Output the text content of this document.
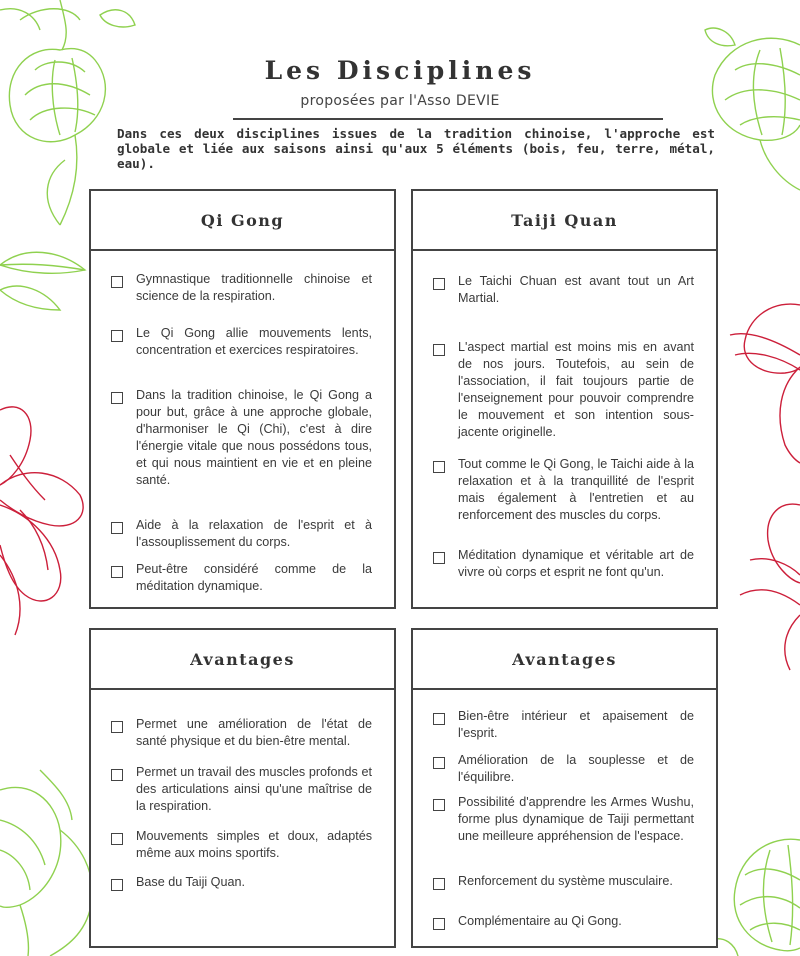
Les Disciplines
proposées par l'Asso DEVIE

Dans ces deux disciplines issues de la tradition chinoise, l'approche est globale et liée aux saisons ainsi qu'aux 5 éléments (bois, feu, terre, métal, eau).

Qi Gong
Gymnastique traditionnelle chinoise et science de la respiration.
Le Qi Gong allie mouvements lents, concentration et exercices respiratoires.
Dans la tradition chinoise, le Qi Gong a pour but, grâce à une approche globale, d'harmoniser le Qi (Chi), c'est à dire l'énergie vitale que nous possédons tous, et qui nous maintient en vie et en pleine santé.
Aide à la relaxation de l'esprit et à l'assouplissement du corps.
Peut-être considéré comme de la méditation dynamique.
Taiji Quan
Le Taichi Chuan est avant tout un Art Martial.
L'aspect martial est moins mis en avant de nos jours. Toutefois, au sein de l'association, il fait toujours partie de l'enseignement pour pouvoir comprendre le mouvement et son intention sous-jacente originelle.
Tout comme le Qi Gong, le Taichi aide à la relaxation et à la tranquillité de l'esprit mais également à l'entretien et au renforcement des muscles du corps.
Méditation dynamique et véritable art de vivre où corps et esprit ne font qu'un.
Avantages
Permet une amélioration de l'état de santé physique et du bien-être mental.
Permet un travail des muscles profonds et des articulations ainsi qu'une maîtrise de la respiration.
Mouvements simples et doux, adaptés même aux moins sportifs.
Base du Taiji Quan.
Avantages
Bien-être intérieur et apaisement de l'esprit.
Amélioration de la souplesse et de l'équilibre.
Possibilité d'apprendre les Armes Wushu, forme plus dynamique de Taiji permettant une meilleure appréhension de l'espace.
Renforcement du système musculaire.
Complémentaire au Qi Gong.
